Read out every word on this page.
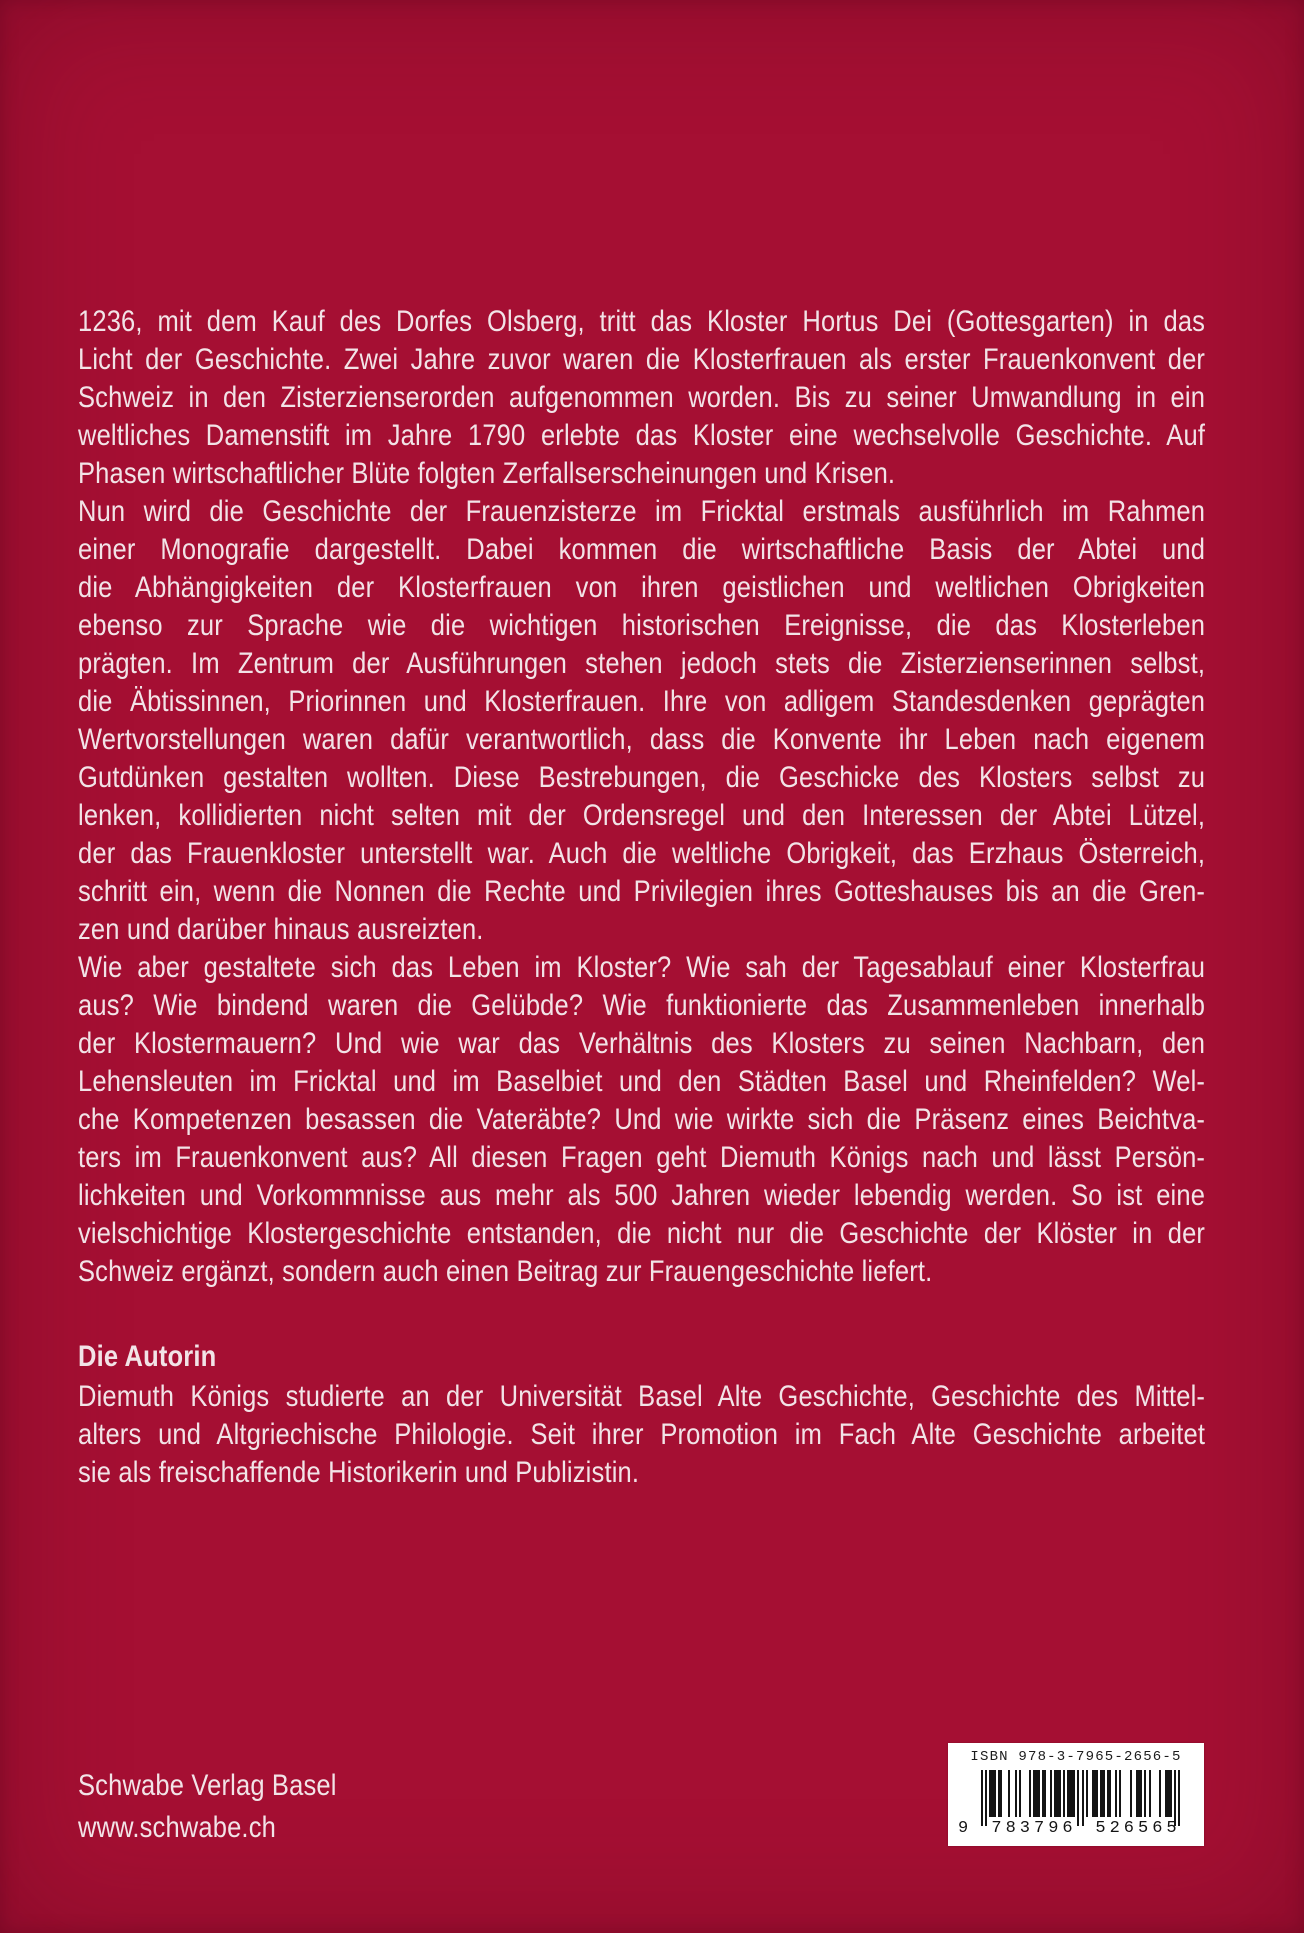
1236, mit dem Kauf des Dorfes Olsberg, tritt das Kloster Hortus Dei (Gottesgarten) in das
Licht der Geschichte. Zwei Jahre zuvor waren die Klosterfrauen als erster Frauenkonvent der
Schweiz in den Zisterzienserorden aufgenommen worden. Bis zu seiner Umwandlung in ein
weltliches Damenstift im Jahre 1790 erlebte das Kloster eine wechselvolle Geschichte. Auf
Phasen wirtschaftlicher Blüte folgten Zerfallserscheinungen und Krisen.
Nun wird die Geschichte der Frauenzisterze im Fricktal erstmals ausführlich im Rahmen
einer Monografie dargestellt. Dabei kommen die wirtschaftliche Basis der Abtei und
die Abhängigkeiten der Klosterfrauen von ihren geistlichen und weltlichen Obrigkeiten
ebenso zur Sprache wie die wichtigen historischen Ereignisse, die das Klosterleben
prägten. Im Zentrum der Ausführungen stehen jedoch stets die Zisterzienserinnen selbst,
die Äbtissinnen, Priorinnen und Klosterfrauen. Ihre von adligem Standesdenken geprägten
Wertvorstellungen waren dafür verantwortlich, dass die Konvente ihr Leben nach eigenem
Gutdünken gestalten wollten. Diese Bestrebungen, die Geschicke des Klosters selbst zu
lenken, kollidierten nicht selten mit der Ordensregel und den Interessen der Abtei Lützel,
der das Frauenkloster unterstellt war. Auch die weltliche Obrigkeit, das Erzhaus Österreich,
schritt ein, wenn die Nonnen die Rechte und Privilegien ihres Gotteshauses bis an die Gren-
zen und darüber hinaus ausreizten.
Wie aber gestaltete sich das Leben im Kloster? Wie sah der Tagesablauf einer Klosterfrau
aus? Wie bindend waren die Gelübde? Wie funktionierte das Zusammenleben innerhalb
der Klostermauern? Und wie war das Verhältnis des Klosters zu seinen Nachbarn, den
Lehensleuten im Fricktal und im Baselbiet und den Städten Basel und Rheinfelden? Wel-
che Kompetenzen besassen die Vateräbte? Und wie wirkte sich die Präsenz eines Beichtva-
ters im Frauenkonvent aus? All diesen Fragen geht Diemuth Königs nach und lässt Persön-
lichkeiten und Vorkommnisse aus mehr als 500 Jahren wieder lebendig werden. So ist eine
vielschichtige Klostergeschichte entstanden, die nicht nur die Geschichte der Klöster in der
Schweiz ergänzt, sondern auch einen Beitrag zur Frauengeschichte liefert.
Die Autorin
Diemuth Königs studierte an der Universität Basel Alte Geschichte, Geschichte des Mittel-
alters und Altgriechische Philologie. Seit ihrer Promotion im Fach Alte Geschichte arbeitet
sie als freischaffende Historikerin und Publizistin.
Schwabe Verlag Basel
www.schwabe.ch
ISBN 978-3-7965-2656-5
9	783796	526565
